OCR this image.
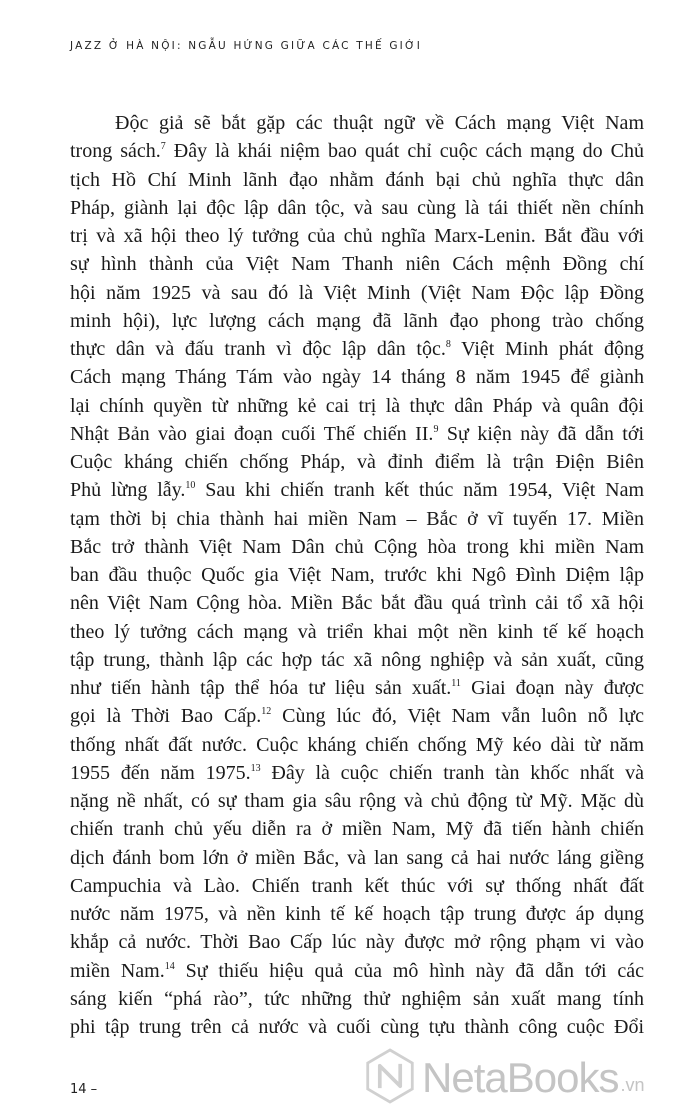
JAZZ Ở HÀ NỘI: NGẪU HỨNG GIỮA CÁC THẾ GIỚI
Độc giả sẽ bắt gặp các thuật ngữ về Cách mạng Việt Nam
trong sách.$^7$ Đây là khái niệm bao quát chỉ cuộc cách mạng do Chủ
tịch Hồ Chí Minh lãnh đạo nhằm đánh bại chủ nghĩa thực dân
Pháp, giành lại độc lập dân tộc, và sau cùng là tái thiết nền chính
trị và xã hội theo lý tưởng của chủ nghĩa Marx-Lenin. Bắt đầu với
sự hình thành của Việt Nam Thanh niên Cách mệnh Đồng chí
hội năm 1925 và sau đó là Việt Minh (Việt Nam Độc lập Đồng
minh hội), lực lượng cách mạng đã lãnh đạo phong trào chống
thực dân và đấu tranh vì độc lập dân tộc.$^8$ Việt Minh phát động
Cách mạng Tháng Tám vào ngày 14 tháng 8 năm 1945 để giành
lại chính quyền từ những kẻ cai trị là thực dân Pháp và quân đội
Nhật Bản vào giai đoạn cuối Thế chiến II.$^9$ Sự kiện này đã dẫn tới
Cuộc kháng chiến chống Pháp, và đỉnh điểm là trận Điện Biên
Phủ lừng lẫy.$^{10}$ Sau khi chiến tranh kết thúc năm 1954, Việt Nam
tạm thời bị chia thành hai miền Nam – Bắc ở vĩ tuyến 17. Miền
Bắc trở thành Việt Nam Dân chủ Cộng hòa trong khi miền Nam
ban đầu thuộc Quốc gia Việt Nam, trước khi Ngô Đình Diệm lập
nên Việt Nam Cộng hòa. Miền Bắc bắt đầu quá trình cải tổ xã hội
theo lý tưởng cách mạng và triển khai một nền kinh tế kế hoạch
tập trung, thành lập các hợp tác xã nông nghiệp và sản xuất, cũng
như tiến hành tập thể hóa tư liệu sản xuất.$^{11}$ Giai đoạn này được
gọi là Thời Bao Cấp.$^{12}$ Cùng lúc đó, Việt Nam vẫn luôn nỗ lực
thống nhất đất nước. Cuộc kháng chiến chống Mỹ kéo dài từ năm
1955 đến năm 1975.13 Đây là cuộc chiến tranh tàn khốc nhất và
nặng nề nhất, có sự tham gia sâu rộng và chủ động từ Mỹ. Mặc dù
chiến tranh chủ yếu diễn ra ở miền Nam, Mỹ đã tiến hành chiến
dịch đánh bom lớn ở miền Bắc, và lan sang cả hai nước láng giềng
Campuchia và Lào. Chiến tranh kết thúc với sự thống nhất đất
nước năm 1975, và nền kinh tế kế hoạch tập trung được áp dụng
khắp cả nước. Thời Bao Cấp lúc này được mở rộng phạm vi vào
miền Nam.$^{14}$ Sự thiếu hiệu quả của mô hình này đã dẫn tới các
sáng kiến “phá rào”, tức những thử nghiệm sản xuất mang tính
phi tập trung trên cả nước và cuối cùng tựu thành công cuộc Đổi
14 –	NetaBooks .vn
